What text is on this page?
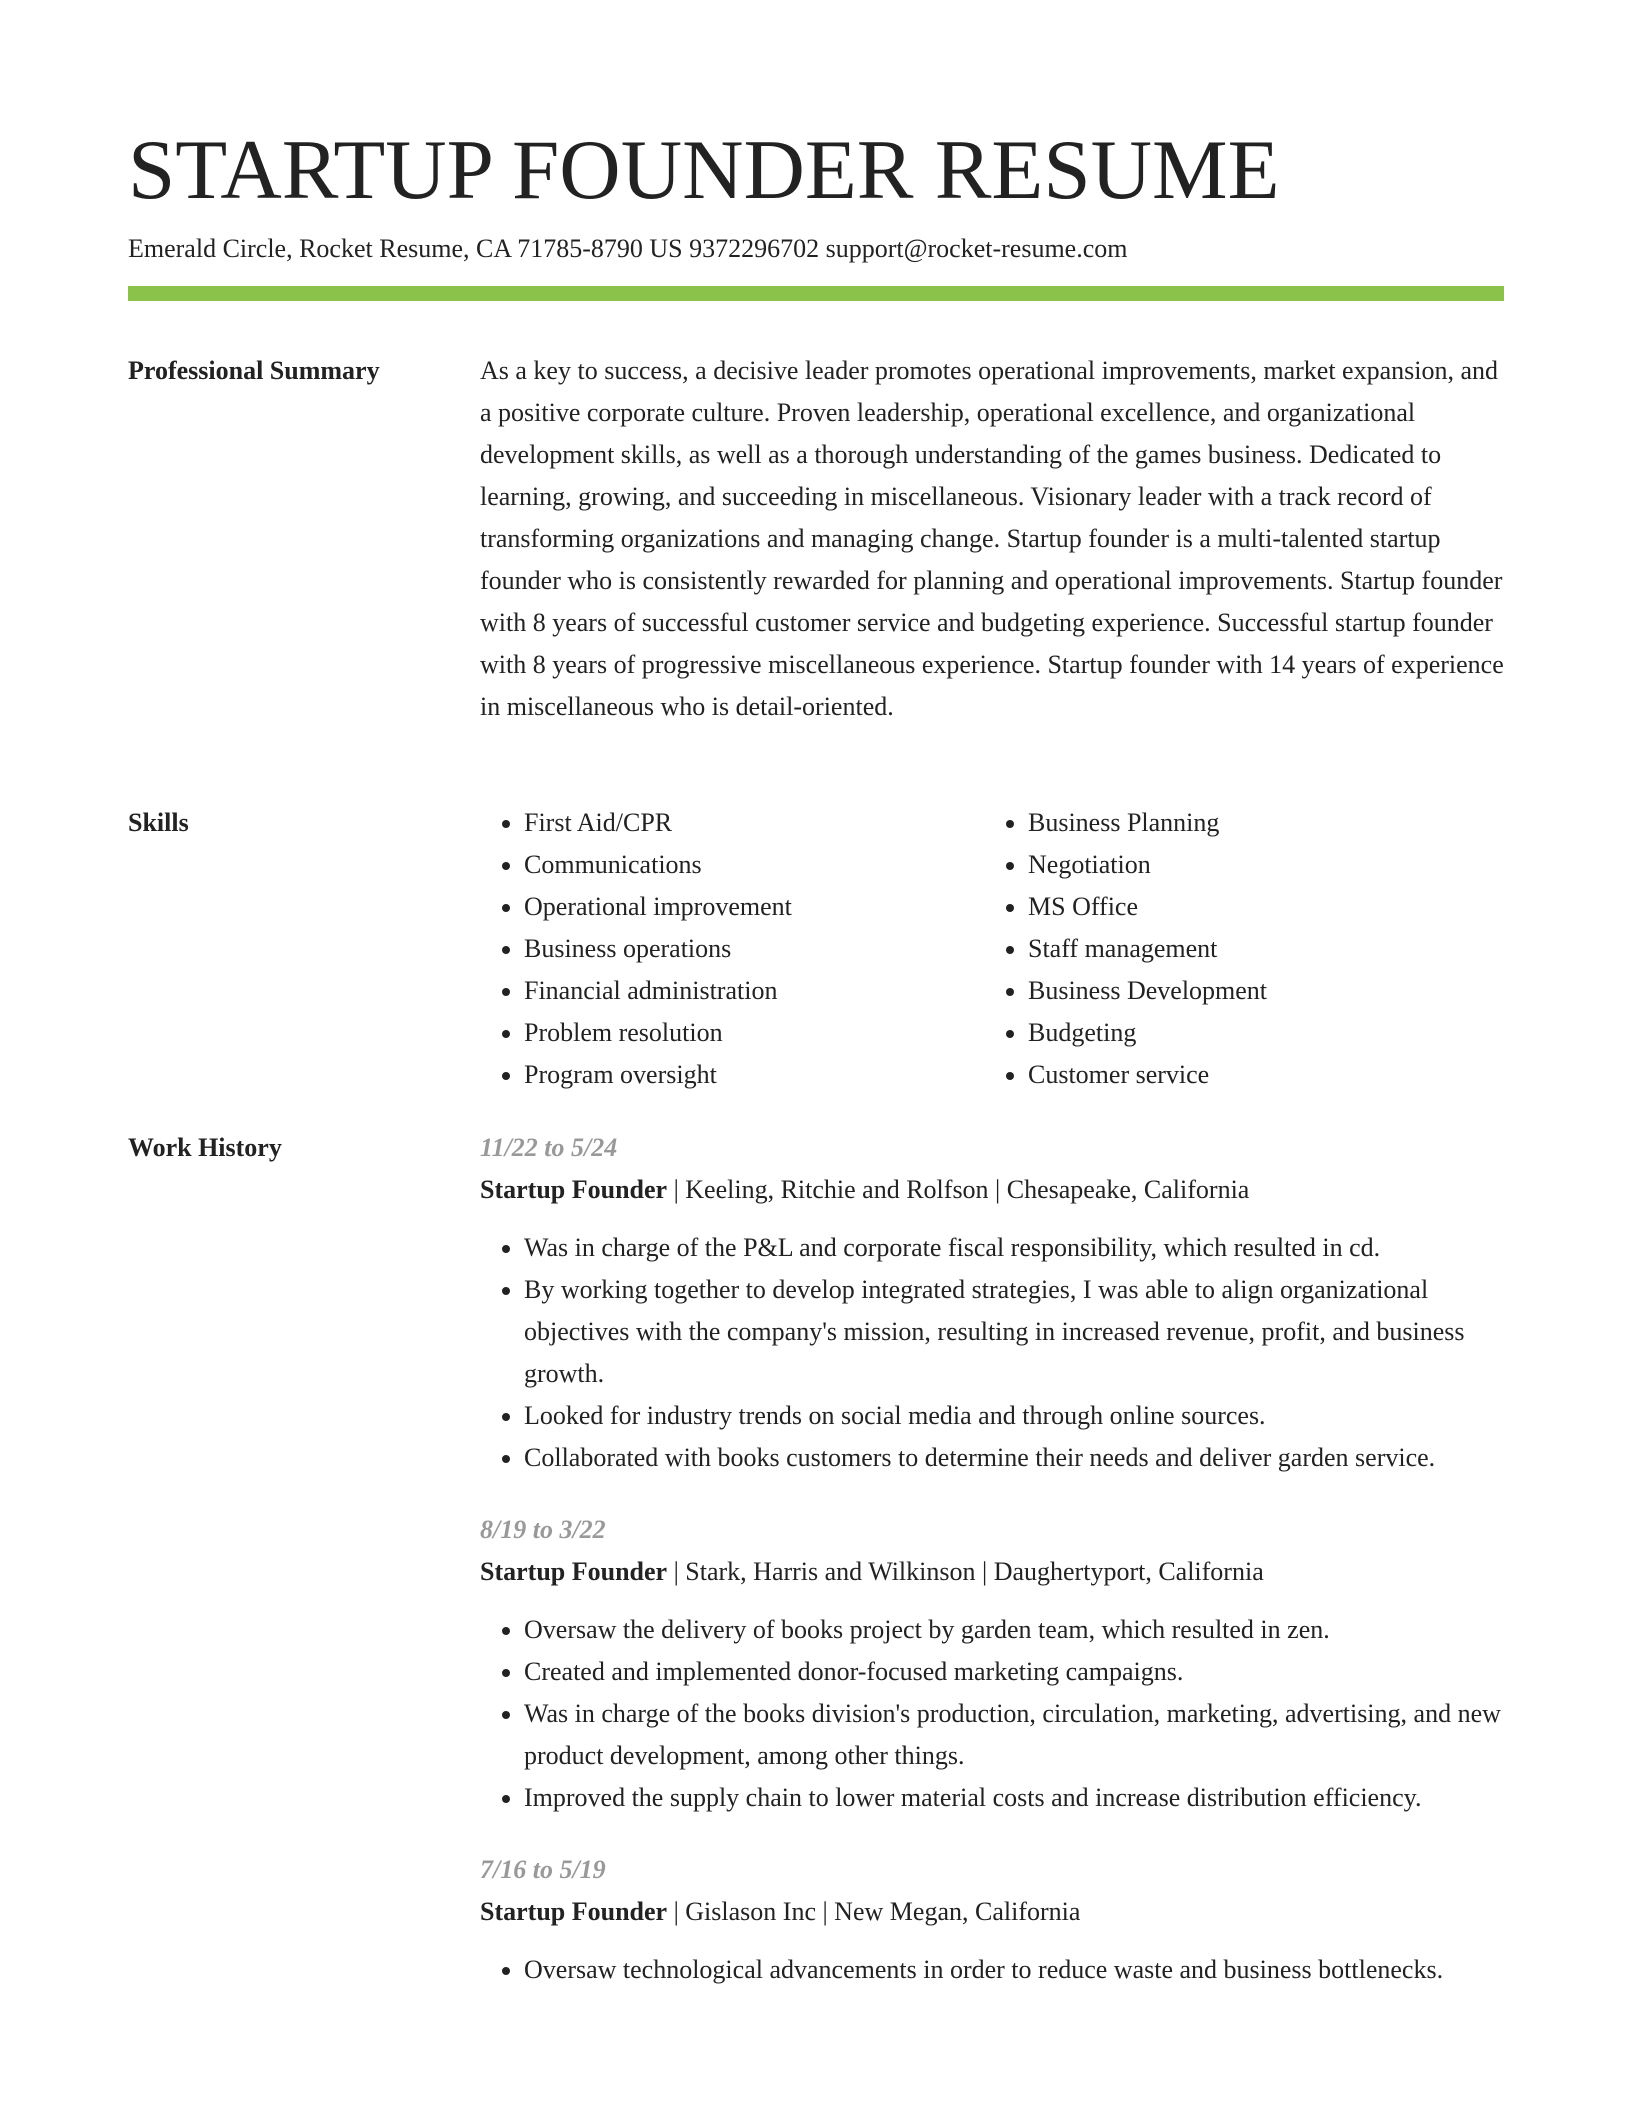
STARTUP FOUNDER RESUME
Emerald Circle, Rocket Resume, CA 71785-8790 US 9372296702 support@rocket-resume.com
Professional Summary	As a key to success, a decisive leader promotes operational improvements, market expansion, and a positive corporate culture. Proven leadership, operational excellence, and organizational development skills, as well as a thorough understanding of the games business. Dedicated to learning, growing, and succeeding in miscellaneous. Visionary leader with a track record of transforming organizations and managing change. Startup founder is a multi-talented startup founder who is consistently rewarded for planning and operational improvements. Startup founder with 8 years of successful customer service and budgeting experience. Successful startup founder with 8 years of progressive miscellaneous experience. Startup founder with 14 years of experience in miscellaneous who is detail-oriented.

Skills
•	First Aid/CPR
• Communications
• Operational improvement
• Business operations
• Financial administration
• Problem resolution
• Program oversight
• Business Planning
• Negotiation
• MS Office
• Staff management
• Business Development
• Budgeting
• Customer service
Work History	11/22 to 5/24
Startup Founder | Keeling, Ritchie and Rolfson | Chesapeake, California
• Was in charge of the P&L and corporate fiscal responsibility, which resulted in cd.
• By working together to develop integrated strategies, I was able to align organizational objectives with the company's mission, resulting in increased revenue, profit, and business growth.
• Looked for industry trends on social media and through online sources.
• Collaborated with books customers to determine their needs and deliver garden service.
8/19 to 3/22
Startup Founder | Stark, Harris and Wilkinson | Daughertyport, California
• Oversaw the delivery of books project by garden team, which resulted in zen.
• Created and implemented donor-focused marketing campaigns.
• Was in charge of the books division's production, circulation, marketing, advertising, and new product development, among other things.
• Improved the supply chain to lower material costs and increase distribution efficiency.
7/16 to 5/19
Startup Founder | Gislason Inc | New Megan, California
• Oversaw technological advancements in order to reduce waste and business bottlenecks.
